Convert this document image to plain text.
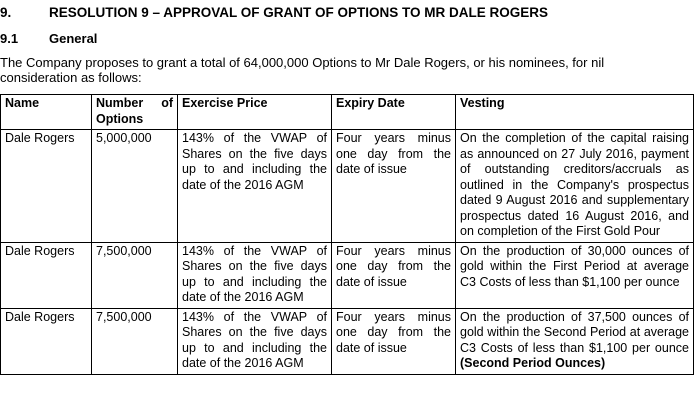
9.	RESOLUTION 9 – APPROVAL OF GRANT OF OPTIONS TO MR DALE ROGERS
9.1 General
The Company proposes to grant a total of 64,000,000 Options to Mr Dale Rogers, or his nominees, for nil consideration as follows:
Name	Number of Options	Exercise Price	Expiry Date	Vesting
Dale Rogers	5,000,000	143% of the VWAP of Shares on the five days up to and including the date of the 2016 AGM	Four years minus one day from the date of issue	On the completion of the capital raising as announced on 27 July 2016, payment of outstanding creditors/accruals as outlined in the Company's prospectus dated 9 August 2016 and supplementary prospectus dated 16 August 2016, and on completion of the First Gold Pour
Dale Rogers	7,500,000	143% of the VWAP of Shares on the five days up to and including the date of the 2016 AGM	Four years minus one day from the date of issue	On the production of 30,000 ounces of gold within the First Period at average C3 Costs of less than $1,100 per ounce
Dale Rogers	7,500,000	143% of the VWAP of Shares on the five days up to and including the date of the 2016 AGM	Four years minus one day from the date of issue	On the production of 37,500 ounces of gold within the Second Period at average C3 Costs of less than $1,100 per ounce (Second Period Ounces)
